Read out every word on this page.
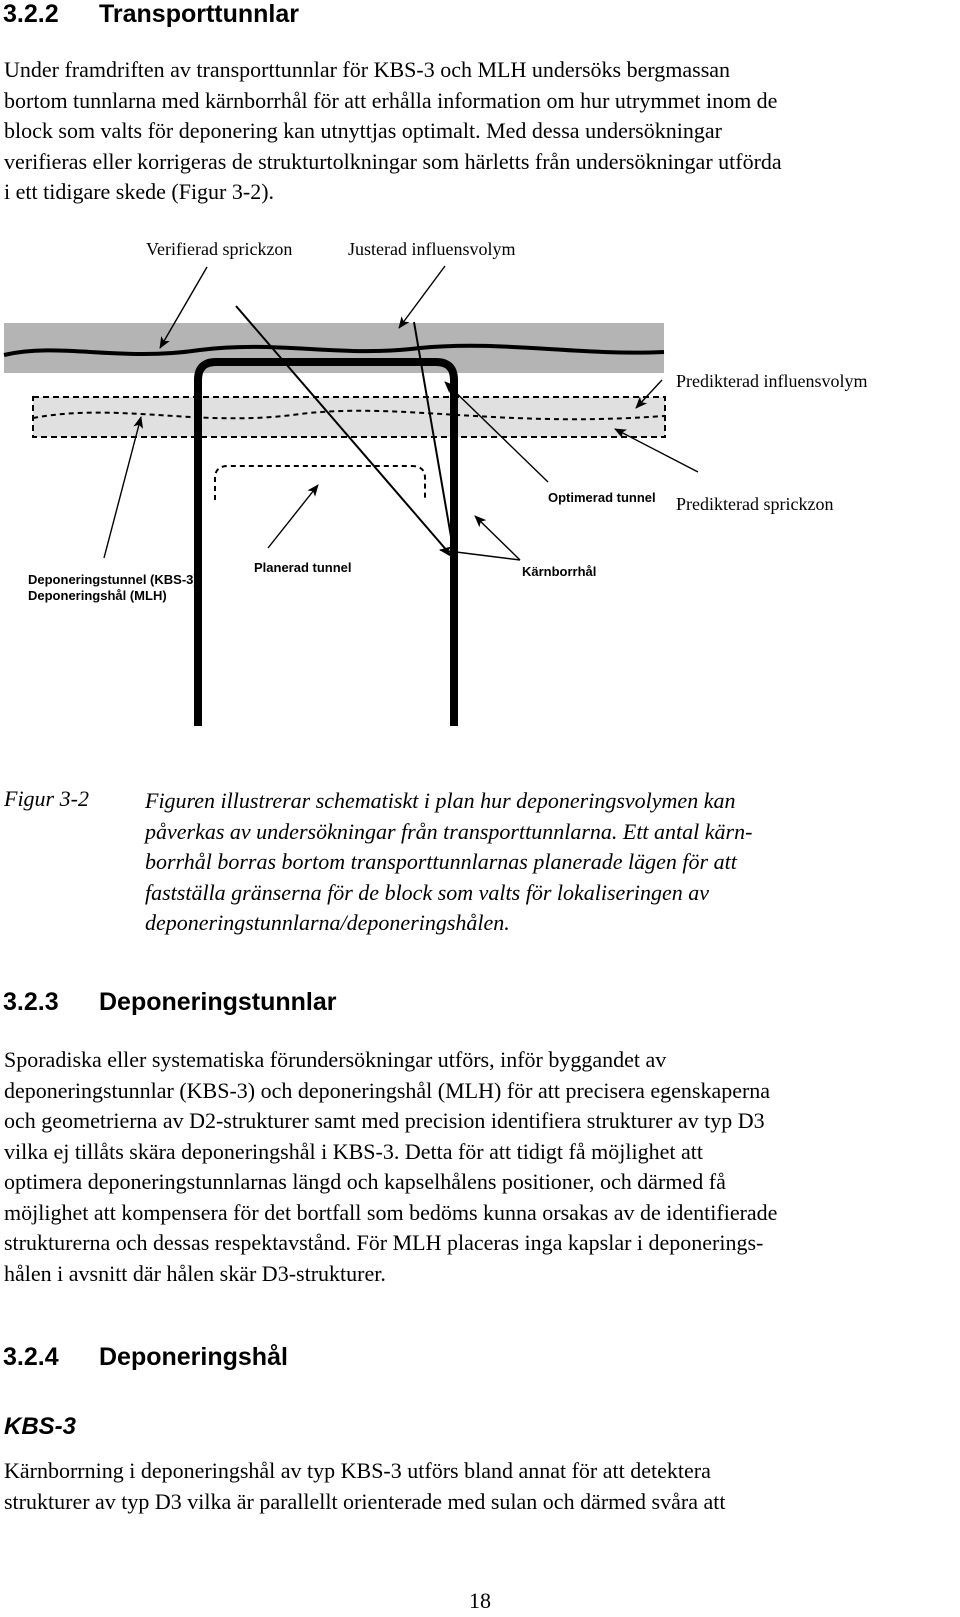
3.2.2 Transporttunnlar
Under framdriften av transporttunnlar för KBS-3 och MLH undersöks bergmassan
bortom tunnlarna med kärnborrhål för att erhålla information om hur utrymmet inom de
block som valts för deponering kan utnyttjas optimalt. Med dessa undersökningar
verifieras eller korrigeras de strukturtolkningar som härletts från undersökningar utförda
i ett tidigare skede (Figur 3-2).
Verifierad sprickzon	Justerad influensvolym
Predikterad influensvolym
Optimerad tunnel Predikterad sprickzon
Deponeringstunnel (KBS-3)
Deponeringshål (MLH)
Planerad tunnel	Kärnborrhål
Figur 3-2	Figuren illustrerar schematiskt i plan hur deponeringsvolymen kan
påverkas av undersökningar från transporttunnlarna. Ett antal kärn-
borrhål borras bortom transporttunnlarnas planerade lägen för att
fastställa gränserna för de block som valts för lokaliseringen av
deponeringstunnlarna/deponeringshålen.
3.2.3 Deponeringstunnlar
Sporadiska eller systematiska förundersökningar utförs, inför byggandet av
deponeringstunnlar (KBS-3) och deponeringshål (MLH) för att precisera egenskaperna
och geometrierna av D2-strukturer samt med precision identifiera strukturer av typ D3
vilka ej tillåts skära deponeringshål i KBS-3. Detta för att tidigt få möjlighet att
optimera deponeringstunnlarnas längd och kapselhålens positioner, och därmed få
möjlighet att kompensera för det bortfall som bedöms kunna orsakas av de identifierade
strukturerna och dessas respektavstånd. För MLH placeras inga kapslar i deponerings-
hålen i avsnitt där hålen skär D3-strukturer.
3.2.4 Deponeringshål
KBS-3
Kärnborrning i deponeringshål av typ KBS-3 utförs bland annat för att detektera
strukturer av typ D3 vilka är parallellt orienterade med sulan och därmed svåra att
18
